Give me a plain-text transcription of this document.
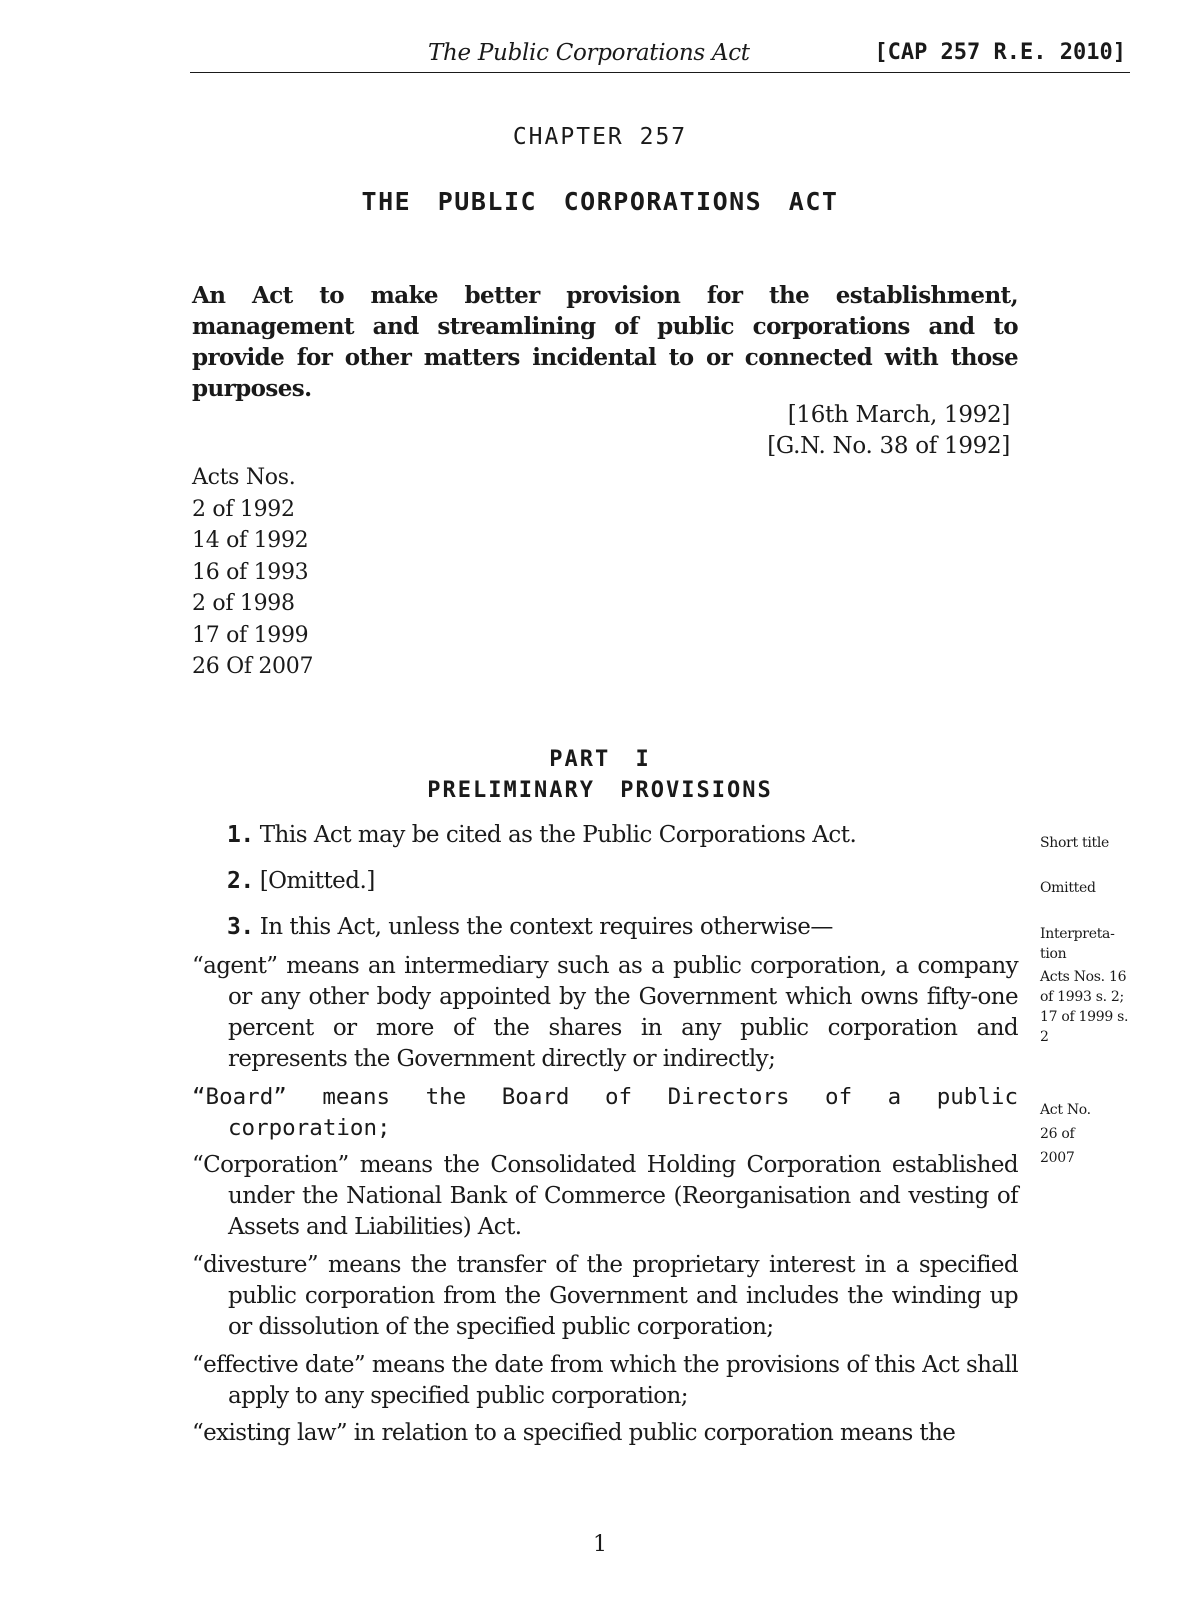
The Public Corporations Act	[CAP 257 R.E. 2010]
CHAPTER 257
THE PUBLIC CORPORATIONS ACT
An Act to make better provision for the establishment, management and streamlining of public corporations and to provide for other matters incidental to or connected with those purposes.
[16th March, 1992]
[G.N. No. 38 of 1992]
Acts Nos.
2 of 1992
14 of 1992
16 of 1993
2 of 1998
17 of 1999
26 Of 2007
PART I
PRELIMINARY PROVISIONS
1. This Act may be cited as the Public Corporations Act.
2. [Omitted.]
3. In this Act, unless the context requires otherwise—
“agent” means an intermediary such as a public corporation, a company or any other body appointed by the Government which owns fifty-one percent or more of the shares in any public corporation and represents the Government directly or indirectly;
“Board” means the Board of Directors of a public corporation;
“Corporation” means the Consolidated Holding Corporation established under the National Bank of Commerce (Reorganisation and vesting of Assets and Liabilities) Act.
“divesture” means the transfer of the proprietary interest in a specified public corporation from the Government and includes the winding up or dissolution of the specified public corporation;
“effective date” means the date from which the provisions of this Act shall apply to any specified public corporation;
“existing law” in relation to a specified public corporation means the
Short title
Omitted
Interpreta-tion
Acts Nos. 16 of 1993 s. 2; 17 of 1999 s. 2
Act No. 26 of 2007
1
